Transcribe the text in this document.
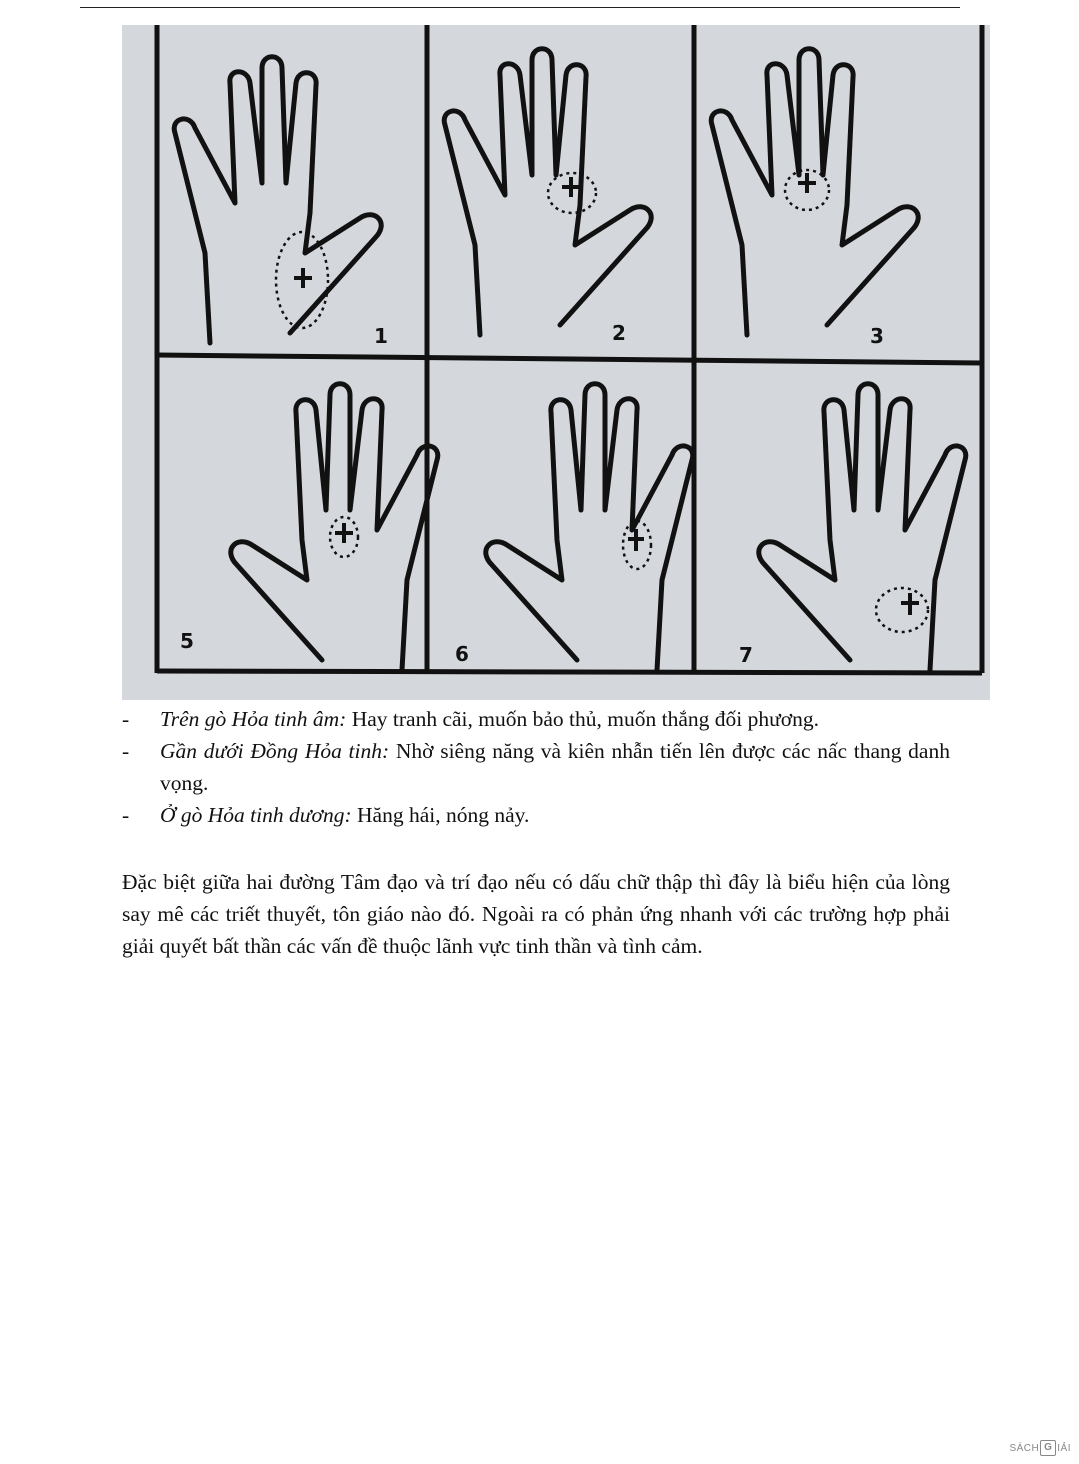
1	2	3
5
6	7
- Trên gò Hỏa tinh âm: Hay tranh cãi, muốn bảo thủ, muốn thắng đối phương.
- Gần dưới Đồng Hỏa tinh: Nhờ siêng năng và kiên nhẫn tiến lên được các nấc thang danh vọng.
- Ở gò Hỏa tinh dương: Hăng hái, nóng nảy.

Đặc biệt giữa hai đường Tâm đạo và trí đạo nếu có dấu chữ thập thì đây là biểu hiện của lòng say mê các triết thuyết, tôn giáo nào đó. Ngoài ra có phản ứng nhanh với các trường hợp phải giải quyết bất thần các vấn đề thuộc lãnh vực tinh thần và tình cảm.

SÁCH G IẢI
